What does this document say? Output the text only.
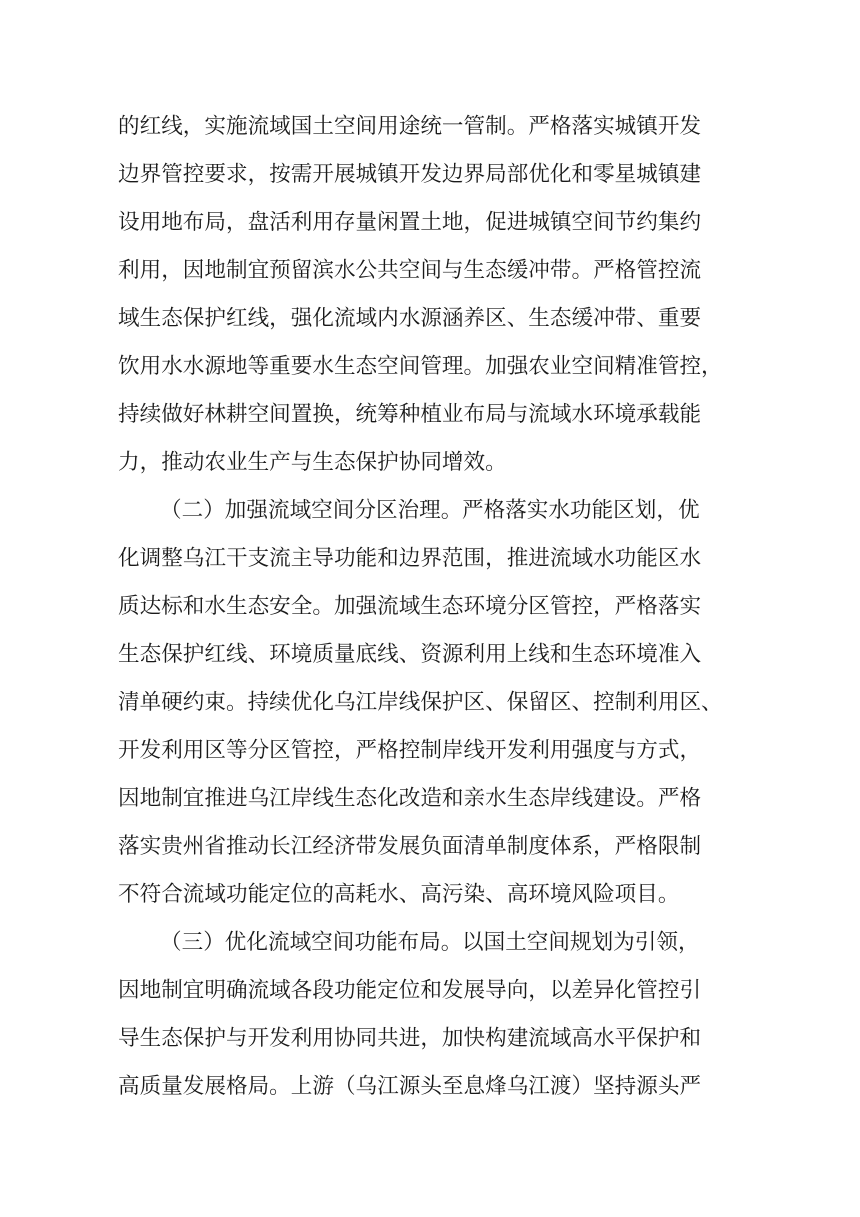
的红线，实施流域国土空间用途统一管制。严格落实城镇开发
边界管控要求，按需开展城镇开发边界局部优化和零星城镇建
设用地布局，盘活利用存量闲置土地，促进城镇空间节约集约
利用，因地制宜预留滨水公共空间与生态缓冲带。严格管控流
域生态保护红线，强化流域内水源涵养区、生态缓冲带、重要
饮用水水源地等重要水生态空间管理。加强农业空间精准管控，
持续做好林耕空间置换，统筹种植业布局与流域水环境承载能
力，推动农业生产与生态保护协同增效。
（二）加强流域空间分区治理。 严格落实水功能区划，优
化调整乌江干支流主导功能和边界范围，推进流域水功能区水
质达标和水生态安全。加强流域生态环境分区管控，严格落实
生态保护红线、环境质量底线、资源利用上线和生态环境准入
清单硬约束。持续优化乌江岸线保护区、保留区、控制利用区、
开发利用区等分区管控，严格控制岸线开发利用强度与方式，
因地制宜推进乌江岸线生态化改造和亲水生态岸线建设。严格
落实贵州省推动长江经济带发展负面清单制度体系，严格限制
不符合流域功能定位的高耗水、高污染、高环境风险项目。
（三）优化流域空间功能布局。 以国土空间规划为引领，
因地制宜明确流域各段功能定位和发展导向，以差异化管控引
导生态保护与开发利用协同共进，加快构建流域高水平保护和
高质量发展格局。上游（乌江源头至息烽乌江渡）坚持源头严
